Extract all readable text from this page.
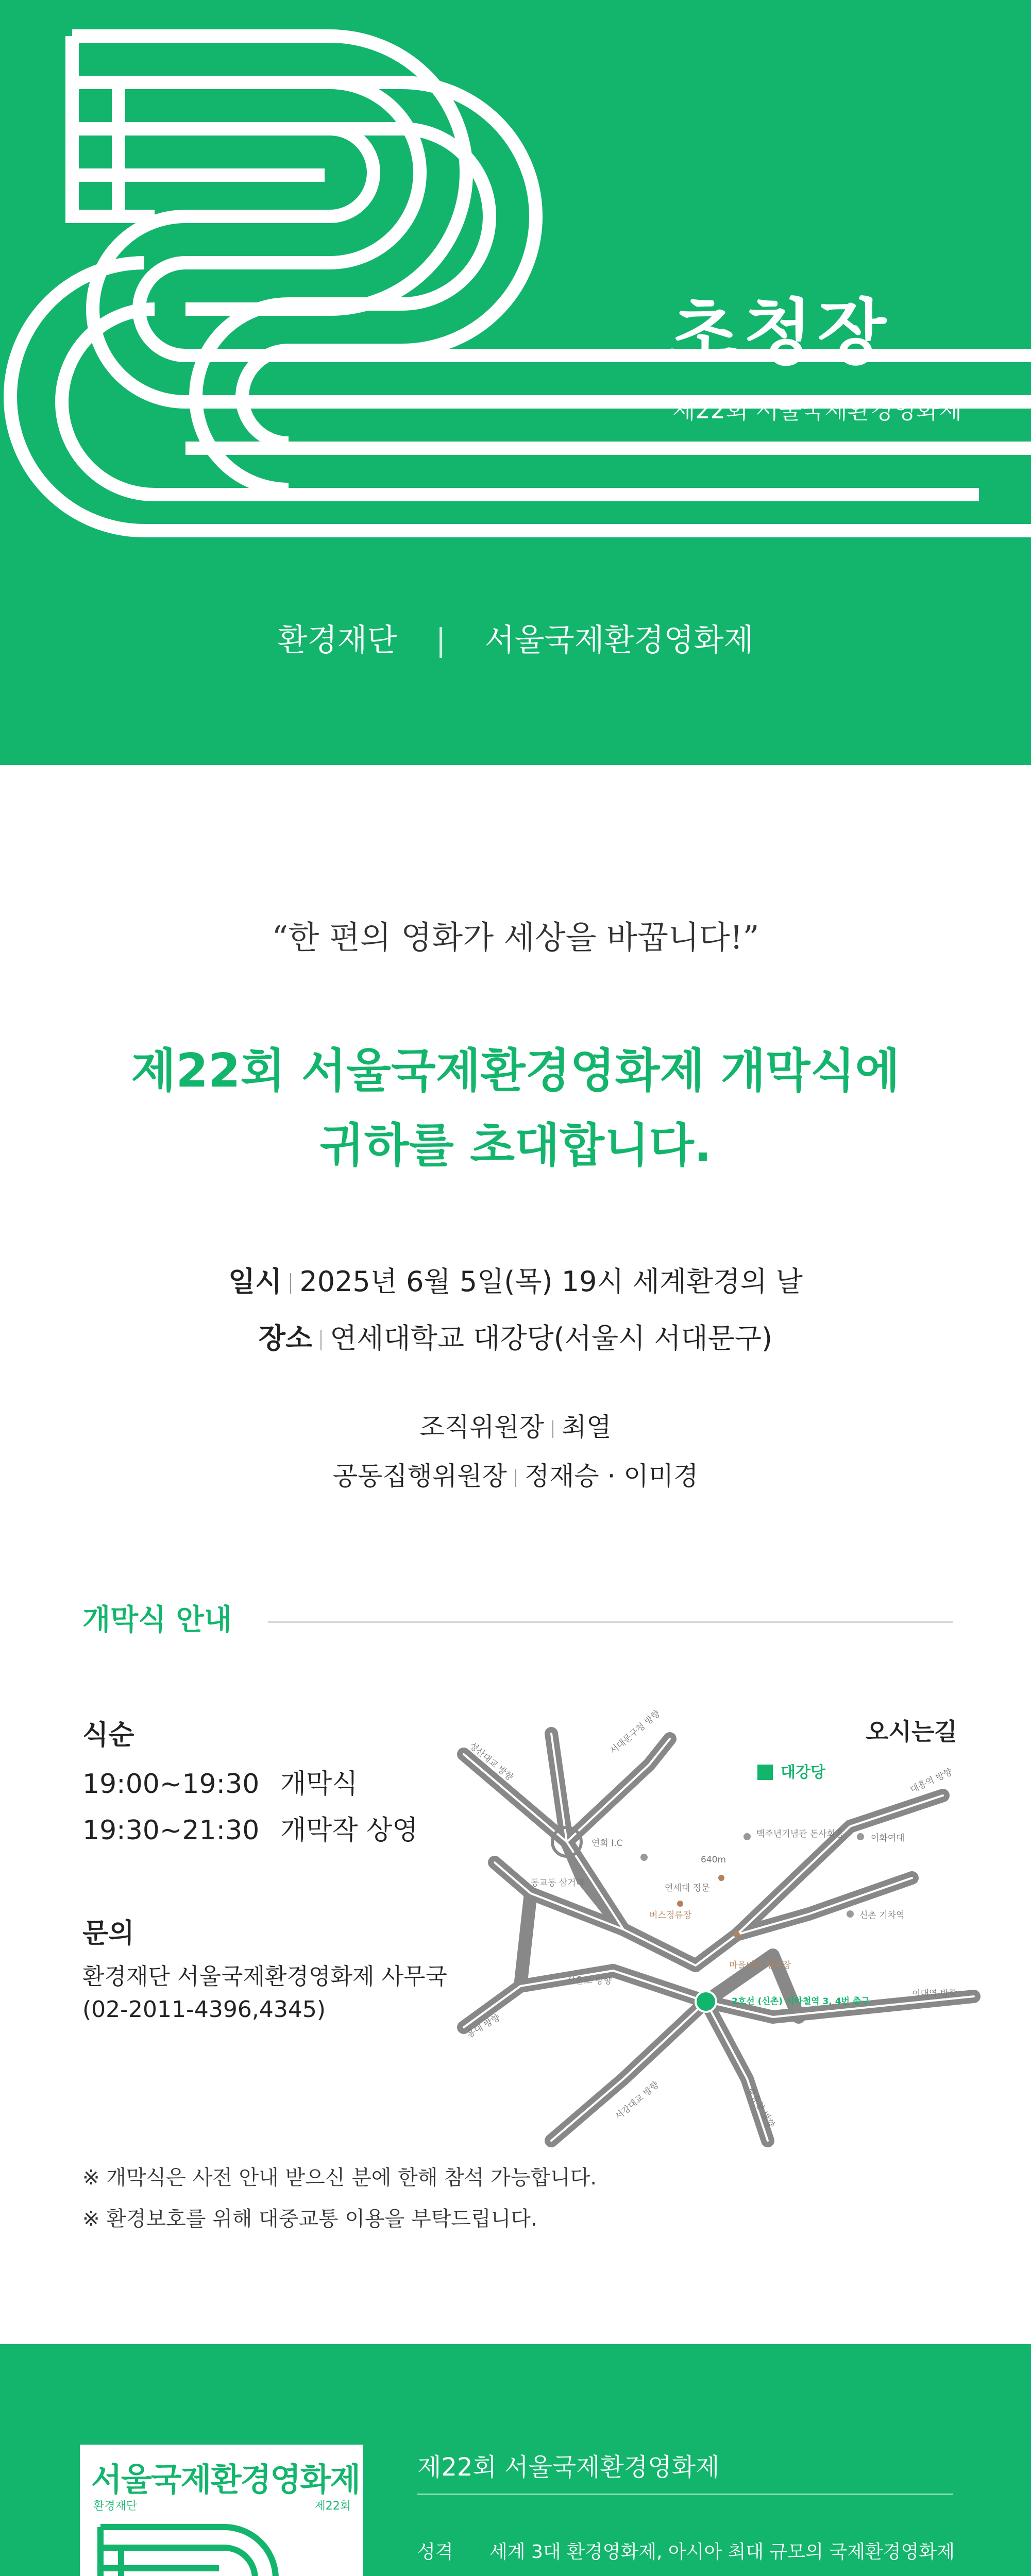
초청장
제22회 서울국제환경영화제
환경재단 | 서울국제환경영화제
“한 편의 영화가 세상을 바꿉니다!”
제22회 서울국제환경영화제 개막식에
귀하를 초대합니다.
일시 2025년 6월 5일(목) 19시 세계환경의 날
장소 연세대학교 대강당(서울시 서대문구)
조직위원장 최열
공동집행위원장 정재승 · 이미경
개막식 안내
식순
19:00~19:30 개막식
19:30~21:30 개막작 상영
문의
환경재단 서울국제환경영화제 사무국
(02-2011-4396,4345)
오시는길
대강당
연희 I.C
640m
연세대 정문
백주년기념관 돈사회홀	이화여대
신촌 기차역
버스정류장
마을버스 정류장
동교동 삼거리
2호선 (신촌) 지하철역 3, 4번 출구
성산대교 방향
서대문구청 방향
이대역 방향
대흥역 방향
홍대 방향
신촌로 방향
서강대교 방향	광흥창 방향
※ 개막식은 사전 안내 받으신 분에 한해 참석 가능합니다.
※ 환경보호를 위해 대중교통 이용을 부탁드립니다.
서울국제환경영화제
환경재단	제22회
제22회 서울국제환경영화제
성격 세계 3대 환경영화제, 아시아 최대 규모의 국제환경영화제
